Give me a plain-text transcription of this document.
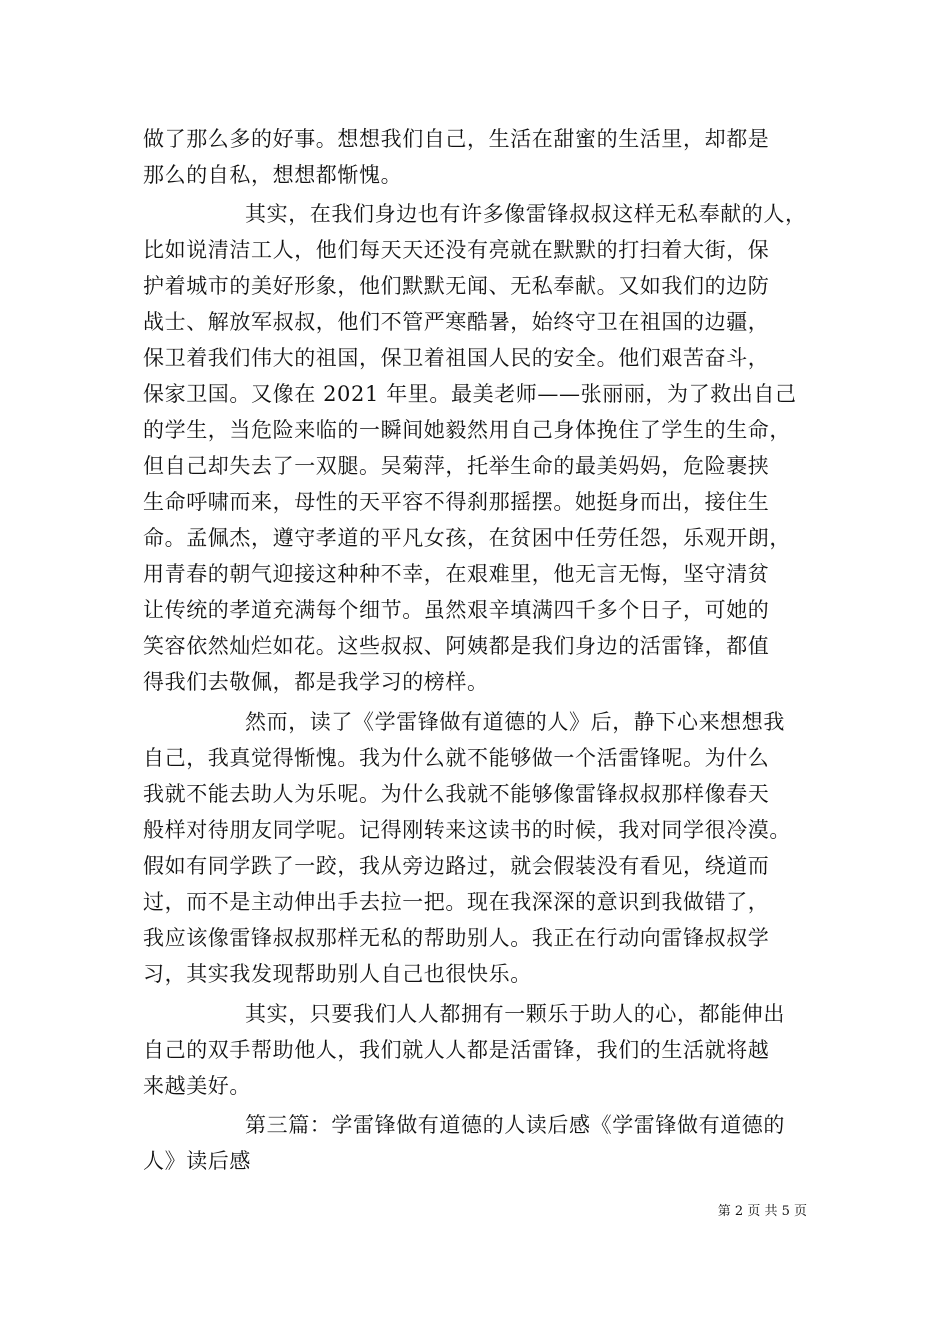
做了那么多的好事。想想我们自己，生活在甜蜜的生活里，却都是
那么的自私，想想都惭愧。
其实，在我们身边也有许多像雷锋叔叔这样无私奉献的人，
比如说清洁工人，他们每天天还没有亮就在默默的打扫着大街，保
护着城市的美好形象，他们默默无闻、无私奉献。又如我们的边防
战士、解放军叔叔，他们不管严寒酷暑，始终守卫在祖国的边疆，
保卫着我们伟大的祖国，保卫着祖国人民的安全。他们艰苦奋斗，
保家卫国。又像在 2021 年里。最美老师——张丽丽，为了救出自己
的学生，当危险来临的一瞬间她毅然用自己身体挽住了学生的生命，
但自己却失去了一双腿。吴菊萍，托举生命的最美妈妈，危险裹挟
生命呼啸而来，母性的天平容不得刹那摇摆。她挺身而出，接住生
命。孟佩杰，遵守孝道的平凡女孩，在贫困中任劳任怨，乐观开朗，
用青春的朝气迎接这种种不幸，在艰难里，他无言无悔，坚守清贫
让传统的孝道充满每个细节。虽然艰辛填满四千多个日子，可她的
笑容依然灿烂如花。这些叔叔、阿姨都是我们身边的活雷锋，都值
得我们去敬佩，都是我学习的榜样。
然而，读了《学雷锋做有道德的人》后，静下心来想想我
自己，我真觉得惭愧。我为什么就不能够做一个活雷锋呢。为什么
我就不能去助人为乐呢。为什么我就不能够像雷锋叔叔那样像春天
般样对待朋友同学呢。记得刚转来这读书的时候，我对同学很冷漠。
假如有同学跌了一跤，我从旁边路过，就会假装没有看见，绕道而
过，而不是主动伸出手去拉一把。现在我深深的意识到我做错了，
我应该像雷锋叔叔那样无私的帮助别人。我正在行动向雷锋叔叔学
习，其实我发现帮助别人自己也很快乐。
其实，只要我们人人都拥有一颗乐于助人的心，都能伸出
自己的双手帮助他人，我们就人人都是活雷锋，我们的生活就将越
来越美好。
第三篇：学雷锋做有道德的人读后感《学雷锋做有道德的
人》读后感
第 2 页 共 5 页
